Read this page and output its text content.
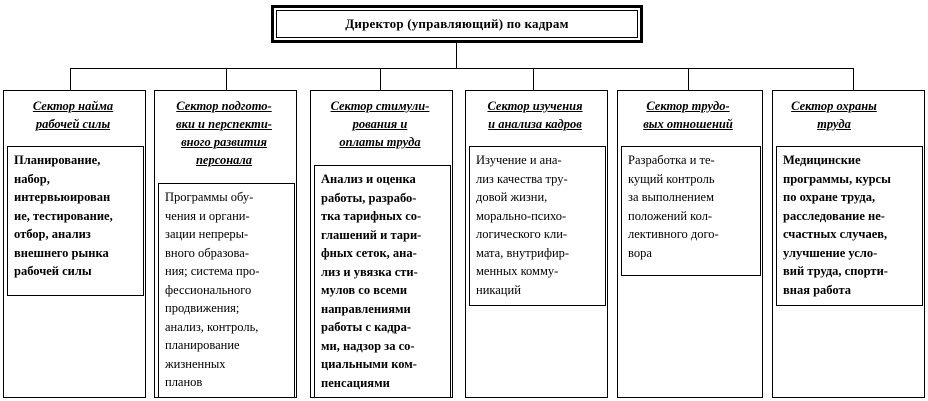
Директор (управляющий) по кадрам
Сектор найма
рабочей силы
Планирование,
набор,
интервьюирован
ие, тестирование,
отбор, анализ
внешнего рынка
рабочей силы
Сектор подгото-
вки и перспекти-
вного развития
персонала
Программы обу-
чения и органи-
зации непреры-
вного образова-
ния; система про-
фессионального
продвижения;
анализ, контроль,
планирование
жизненных
планов
Сектор стимули-
рования и
оплаты труда
Анализ и оценка
работы, разрабо-
тка тарифных со-
глашений и тари-
фных сеток, ана-
лиз и увязка сти-
мулов со всеми
направлениями
работы с кадра-
ми, надзор за со-
циальными ком-
пенсациями
Сектор изучения
и анализа кадров
Изучение и ана-
лиз качества тру-
довой жизни,
морально-психо-
логического кли-
мата, внутрифир-
менных комму-
никаций
Сектор трудо-
вых отношений
Разработка и те-
кущий контроль
за выполнением
положений кол-
лективного дого-
вора
Сектор охраны
труда
Медицинские
программы, курсы
по охране труда,
расследование не-
счастных случаев,
улучшение усло-
вий труда, спорти-
вная работа
